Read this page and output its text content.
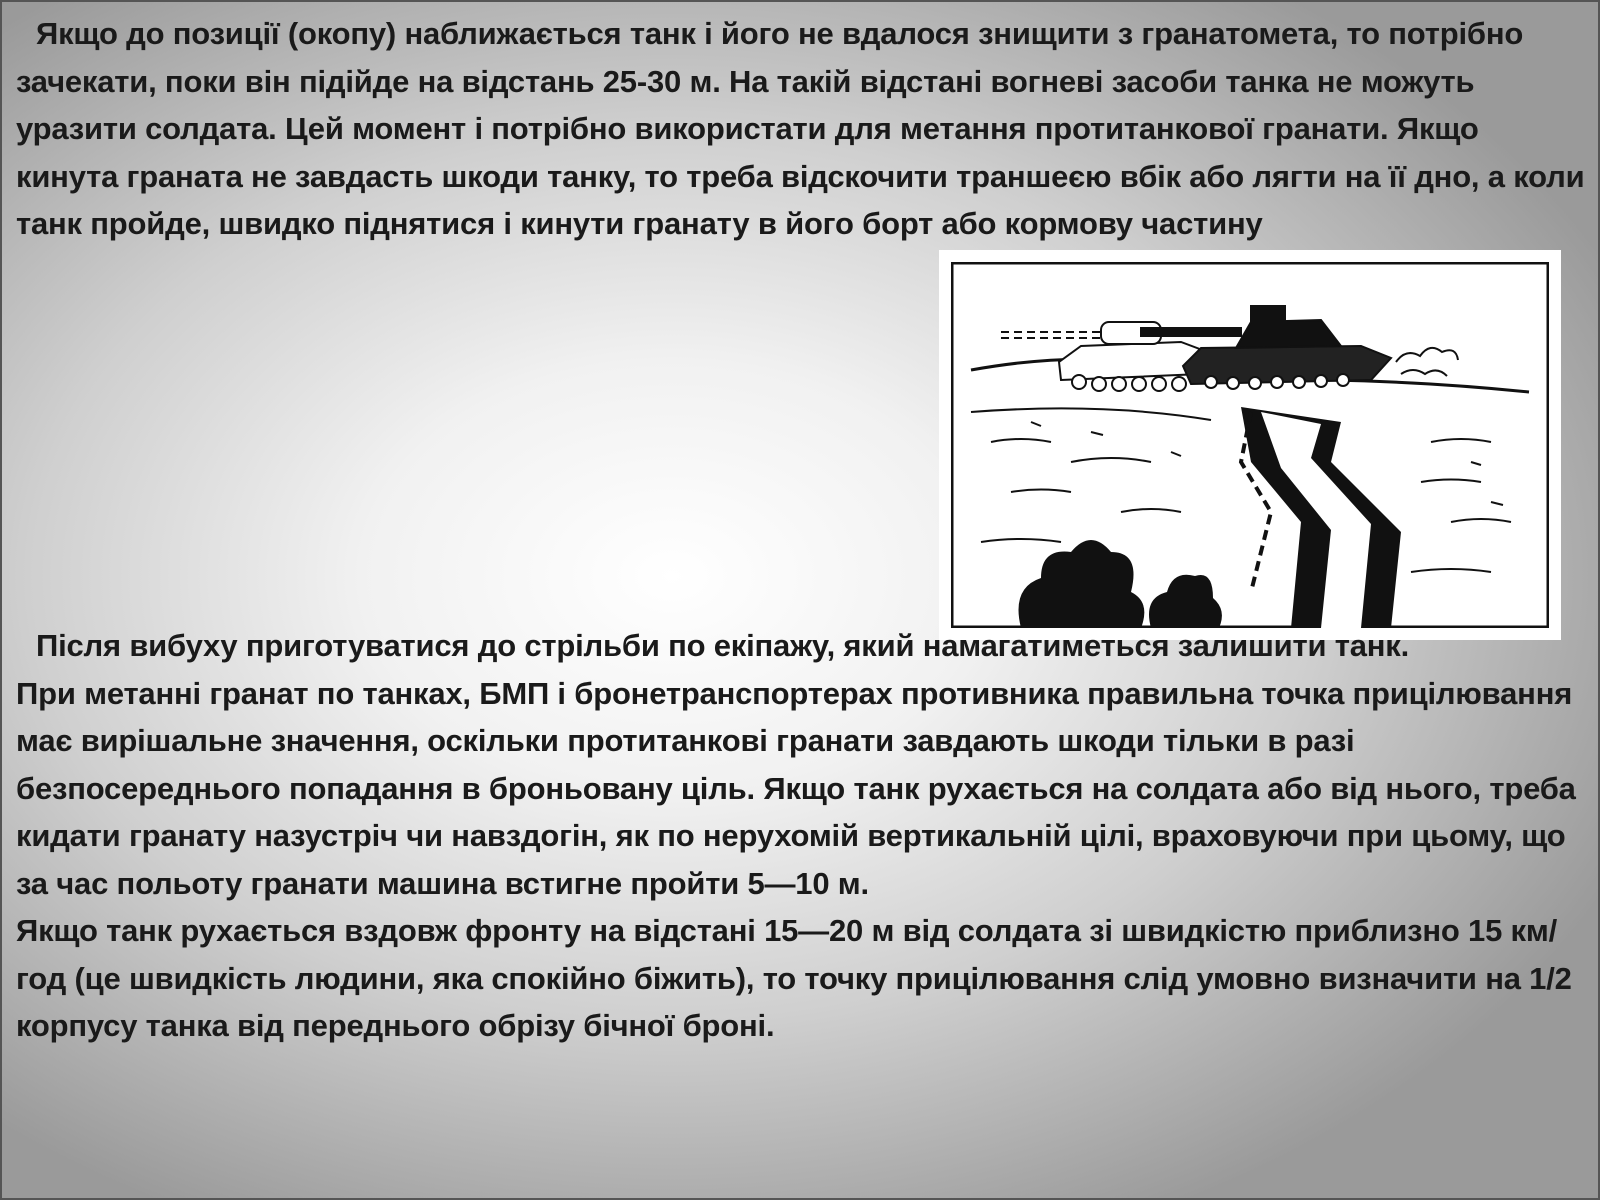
Якщо до позиції (окопу) наближається танк і його не вдалося знищити з гранатомета, то потрібно зачекати, поки він підійде на відстань 25-30 м. На такій відстані вогневі засоби танка не можуть уразити солдата. Цей момент і потрібно використати для метання протитанкової гранати. Якщо кинута граната не завдасть шкоди танку, то треба відскочити траншеєю вбік або лягти на її дно, а коли танк пройде, швидко піднятися і кинути гранату в його борт або кормову частину

Після вибуху приготуватися до стрільби по екіпажу, який намагатиметься залишити танк.
При метанні гранат по танках, БМП і бронетранспортерах противника правильна точка прицілювання має вирішальне значення, оскільки протитанкові гранати завдають шкоди тільки в разі безпосереднього попадання в броньовану ціль. Якщо танк рухається на солдата або від нього, треба кидати гранату назустріч чи навздогін, як по нерухомій вертикальній цілі, враховуючи при цьому, що за час польоту гранати машина встигне пройти 5—10 м.
Якщо танк рухається вздовж фронту на відстані 15—20 м від солдата зі швидкістю приблизно 15 км/год (це швидкість людини, яка спокійно біжить), то точку прицілювання слід умовно визначити на 1/2 корпусу танка від переднього обрізу бічної броні.
